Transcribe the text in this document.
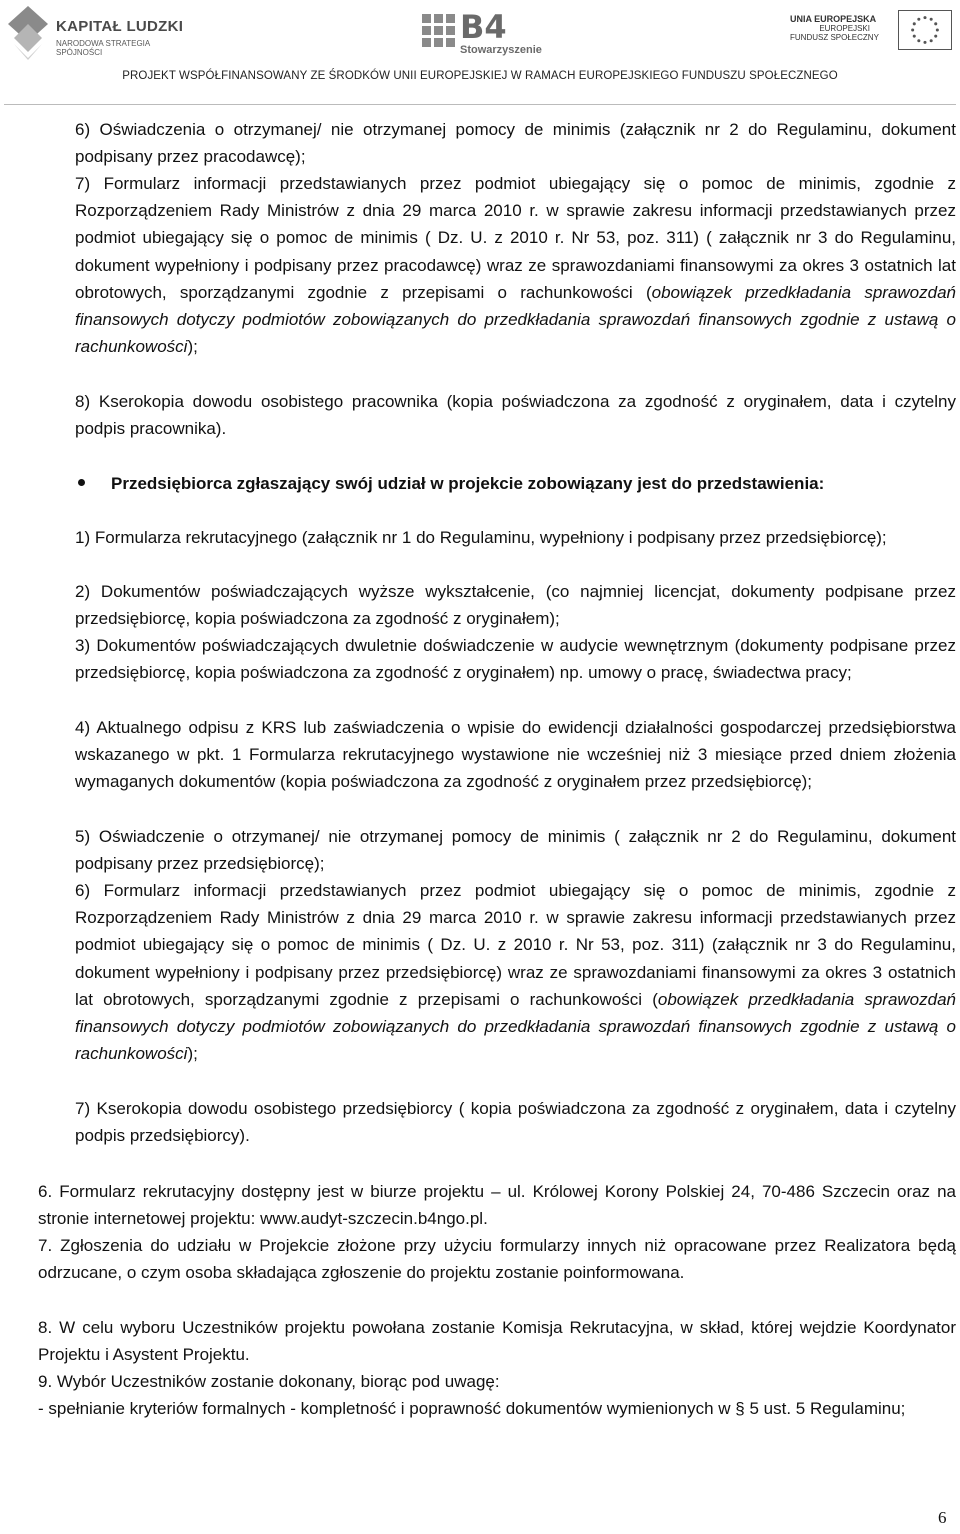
KAPITAŁ LUDZKI
NARODOWA STRATEGIA SPÓJNOŚCI
B4
Stowarzyszenie
UNIA EUROPEJSKA
EUROPEJSKI
FUNDUSZ SPOŁECZNY
PROJEKT WSPÓŁFINANSOWANY ZE ŚRODKÓW UNII EUROPEJSKIEJ W RAMACH EUROPEJSKIEGO FUNDUSZU SPOŁECZNEGO

6) Oświadczenia o otrzymanej/ nie otrzymanej pomocy de minimis (załącznik nr 2 do Regulaminu, dokument podpisany przez pracodawcę);

7) Formularz informacji przedstawianych przez podmiot ubiegający się o pomoc de minimis, zgodnie z Rozporządzeniem Rady Ministrów z dnia 29 marca 2010 r. w sprawie zakresu informacji przedstawianych przez podmiot ubiegający się o pomoc de minimis ( Dz. U. z 2010 r. Nr 53, poz. 311) ( załącznik nr 3 do Regulaminu, dokument wypełniony i podpisany przez pracodawcę) wraz ze sprawozdaniami finansowymi za okres 3 ostatnich lat obrotowych, sporządzanymi zgodnie z przepisami o rachunkowości (obowiązek przedkładania sprawozdań finansowych dotyczy podmiotów zobowiązanych do przedkładania sprawozdań finansowych zgodnie z ustawą o rachunkowości);

8) Kserokopia dowodu osobistego pracownika (kopia poświadczona za zgodność z oryginałem, data i czytelny podpis pracownika).

Przedsiębiorca zgłaszający swój udział w projekcie zobowiązany jest do przedstawienia:

1) Formularza rekrutacyjnego (załącznik nr 1 do Regulaminu, wypełniony i podpisany przez przedsiębiorcę);

2) Dokumentów poświadczających wyższe wykształcenie, (co najmniej licencjat, dokumenty podpisane przez przedsiębiorcę, kopia poświadczona za zgodność z oryginałem);

3) Dokumentów poświadczających dwuletnie doświadczenie w audycie wewnętrznym (dokumenty podpisane przez przedsiębiorcę, kopia poświadczona za zgodność z oryginałem) np. umowy o pracę, świadectwa pracy;

4) Aktualnego odpisu z KRS lub zaświadczenia o wpisie do ewidencji działalności gospodarczej przedsiębiorstwa wskazanego w pkt. 1 Formularza rekrutacyjnego wystawione nie wcześniej niż 3 miesiące przed dniem złożenia wymaganych dokumentów (kopia poświadczona za zgodność z oryginałem przez przedsiębiorcę);

5) Oświadczenie o otrzymanej/ nie otrzymanej pomocy de minimis ( załącznik nr 2 do Regulaminu, dokument podpisany przez przedsiębiorcę);

6) Formularz informacji przedstawianych przez podmiot ubiegający się o pomoc de minimis, zgodnie z Rozporządzeniem Rady Ministrów z dnia 29 marca 2010 r. w sprawie zakresu informacji przedstawianych przez podmiot ubiegający się o pomoc de minimis ( Dz. U. z 2010 r. Nr 53, poz. 311) (załącznik nr 3 do Regulaminu, dokument wypełniony i podpisany przez przedsiębiorcę) wraz ze sprawozdaniami finansowymi za okres 3 ostatnich lat obrotowych, sporządzanymi zgodnie z przepisami o rachunkowości (obowiązek przedkładania sprawozdań finansowych dotyczy podmiotów zobowiązanych do przedkładania sprawozdań finansowych zgodnie z ustawą o rachunkowości);

7) Kserokopia dowodu osobistego przedsiębiorcy ( kopia poświadczona za zgodność z oryginałem, data i czytelny podpis przedsiębiorcy).

6. Formularz rekrutacyjny dostępny jest w biurze projektu – ul. Królowej Korony Polskiej 24, 70-486 Szczecin oraz na stronie internetowej projektu: www.audyt-szczecin.b4ngo.pl.

7. Zgłoszenia do udziału w Projekcie złożone przy użyciu formularzy innych niż opracowane przez Realizatora będą odrzucane, o czym osoba składająca zgłoszenie do projektu zostanie poinformowana.

8. W celu wyboru Uczestników projektu powołana zostanie Komisja Rekrutacyjna, w skład, której wejdzie Koordynator Projektu i Asystent Projektu.

9. Wybór Uczestników zostanie dokonany, biorąc pod uwagę:

- spełnianie kryteriów formalnych - kompletność i poprawność dokumentów wymienionych w § 5 ust. 5 Regulaminu;

6
